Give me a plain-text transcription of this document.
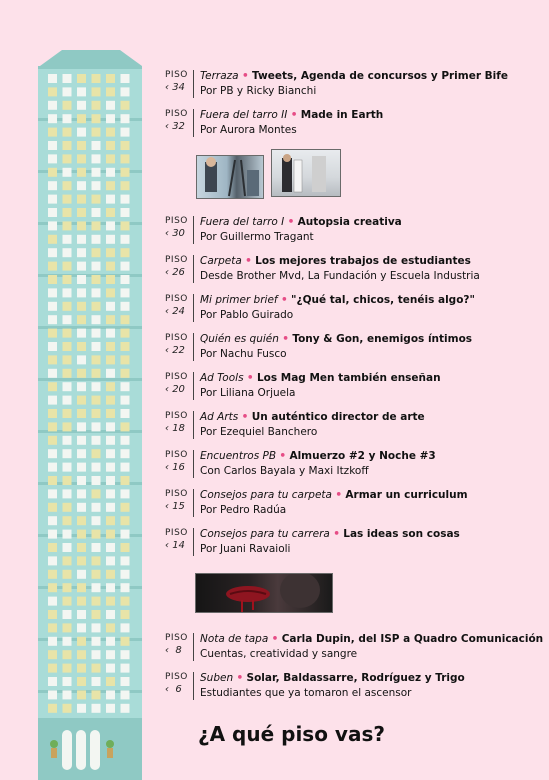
PISO
‹ 34
Terraza • Tweets, Agenda de concursos y Primer Bife
Por PB y Ricky Bianchi
PISO
‹ 32
Fuera del tarro II • Made in Earth
Por Aurora Montes
PISO
‹ 30
Fuera del tarro I • Autopsia creativa
Por Guillermo Tragant
PISO
‹ 26
Carpeta • Los mejores trabajos de estudiantes
Desde Brother Mvd, La Fundación y Escuela Industria
PISO
‹ 24
Mi primer brief • "¿Qué tal, chicos, tenéis algo?"
Por Pablo Guirado
PISO
‹ 22
Quién es quién • Tony & Gon, enemigos íntimos
Por Nachu Fusco
PISO
‹ 20
Ad Tools • Los Mag Men también enseñan
Por Liliana Orjuela
PISO
‹ 18
Ad Arts • Un auténtico director de arte
Por Ezequiel Banchero
PISO
‹ 16
Encuentros PB • Almuerzo #2 y Noche #3
Con Carlos Bayala y Maxi Itzkoff
PISO
‹ 15
Consejos para tu carpeta • Armar un curriculum
Por Pedro Radúa
PISO
‹ 14
Consejos para tu carrera • Las ideas son cosas
Por Juani Ravaioli
PISO
‹ 8
Nota de tapa • Carla Dupin, del ISP a Quadro Comunicación
Cuentas, creatividad y sangre
PISO
‹ 6
Suben • Solar, Baldassarre, Rodríguez y Trigo
Estudiantes que ya tomaron el ascensor
¿A qué piso vas?
